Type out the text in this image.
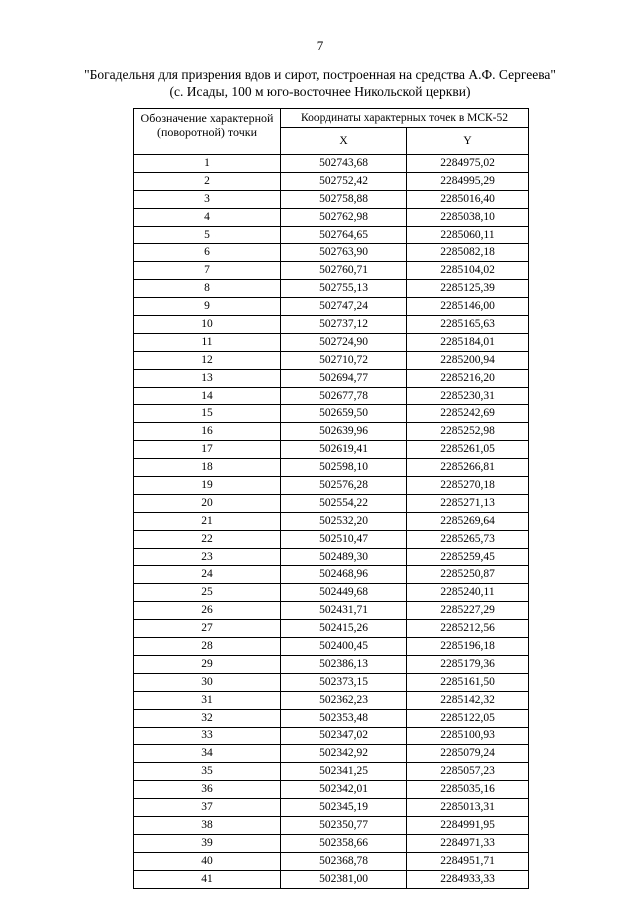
7
"Богадельня для призрения вдов и сирот, построенная на средства А.Ф. Сергеева"
(с. Исады, 100 м юго-восточнее Никольской церкви)
Обозначение характерной (поворотной) точки	Координаты характерных точек в МСК-52	
	X	Y
1	502743,68	2284975,02
2	502752,42	2284995,29
3	502758,88	2285016,40
4	502762,98	2285038,10
5	502764,65	2285060,11
6	502763,90	2285082,18
7	502760,71	2285104,02
8	502755,13	2285125,39
9	502747,24	2285146,00
10	502737,12	2285165,63
11	502724,90	2285184,01
12	502710,72	2285200,94
13	502694,77	2285216,20
14	502677,78	2285230,31
15	502659,50	2285242,69
16	502639,96	2285252,98
17	502619,41	2285261,05
18	502598,10	2285266,81
19	502576,28	2285270,18
20	502554,22	2285271,13
21	502532,20	2285269,64
22	502510,47	2285265,73
23	502489,30	2285259,45
24	502468,96	2285250,87
25	502449,68	2285240,11
26	502431,71	2285227,29
27	502415,26	2285212,56
28	502400,45	2285196,18
29	502386,13	2285179,36
30	502373,15	2285161,50
31	502362,23	2285142,32
32	502353,48	2285122,05
33	502347,02	2285100,93
34	502342,92	2285079,24
35	502341,25	2285057,23
36	502342,01	2285035,16
37	502345,19	2285013,31
38	502350,77	2284991,95
39	502358,66	2284971,33
40	502368,78	2284951,71
41	502381,00	2284933,33
